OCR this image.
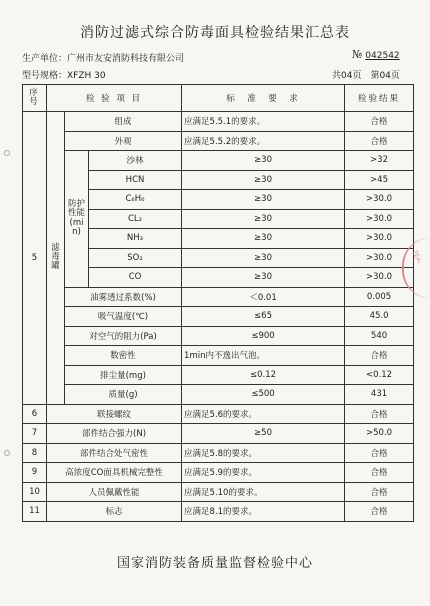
消防过滤式综合防毒面具检验结果汇总表
№ 042542
生产单位：广州市友安消防科技有限公司
型号规格：XFZH 30	共04页　第04页
序号	检 验 项 目			标　准　要　求	检验结果
5	滤　毒　罐	组成		应满足5.5.1的要求。	合格
		外观		应满足5.5.2的要求。	合格
		防护性能(min)	沙林	≥30	>32
			HCN	≥30	>45
			C₆H₆	≥30	>30.0
			CL₂	≥30	>30.0
			NH₃	≥30	>30.0
			SO₂	≥30	>30.0
			CO	≥30	>30.0
		油雾透过系数(%)		＜0.01	0.005
		吸气温度(℃)		≤65	45.0
		对空气的阻力(Pa)		≤900	540
		数密性		1min内不逸出气泡。	合格
		排尘量(mg)		≤0.12	<0.12
		质量(g)		≤500	431
6	联接螺纹			应满足5.6的要求。	合格
7	部件结合强力(N)			≥50	>50.0
8	部件结合处气密性			应满足5.8的要求。	合格
9	高浓度CO面具机械完整性			应满足5.9的要求。	合格
10	人员佩戴性能			应满足5.10的要求。	合格
11	标志			应满足8.1的要求。	合格
以下
国家消防装备质量监督检验中心
